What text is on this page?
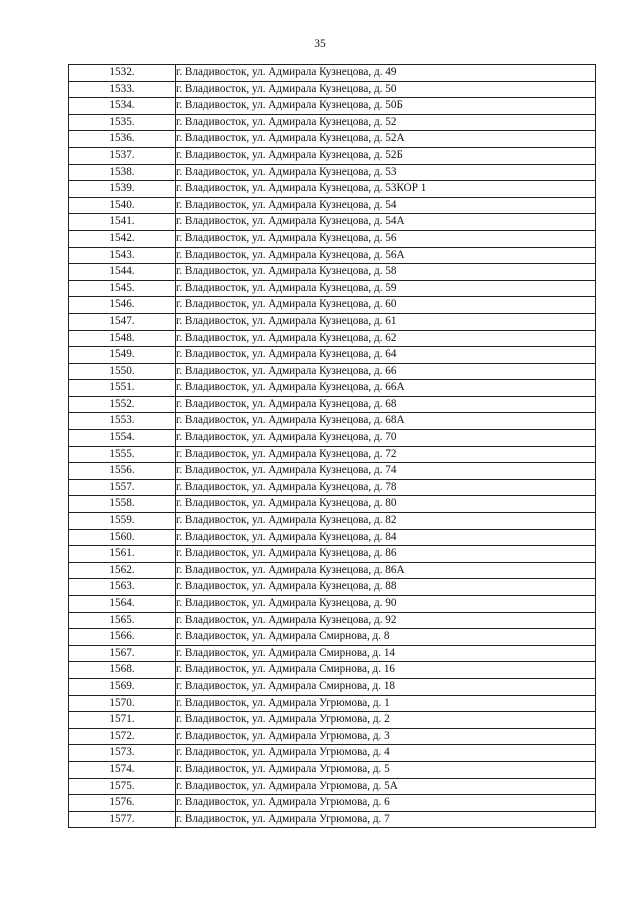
35
1532.	г. Владивосток, ул. Адмирала Кузнецова, д. 49
1533.	г. Владивосток, ул. Адмирала Кузнецова, д. 50
1534.	г. Владивосток, ул. Адмирала Кузнецова, д. 50Б
1535.	г. Владивосток, ул. Адмирала Кузнецова, д. 52
1536.	г. Владивосток, ул. Адмирала Кузнецова, д. 52А
1537.	г. Владивосток, ул. Адмирала Кузнецова, д. 52Б
1538.	г. Владивосток, ул. Адмирала Кузнецова, д. 53
1539.	г. Владивосток, ул. Адмирала Кузнецова, д. 53КОР 1
1540.	г. Владивосток, ул. Адмирала Кузнецова, д. 54
1541.	г. Владивосток, ул. Адмирала Кузнецова, д. 54А
1542.	г. Владивосток, ул. Адмирала Кузнецова, д. 56
1543.	г. Владивосток, ул. Адмирала Кузнецова, д. 56А
1544.	г. Владивосток, ул. Адмирала Кузнецова, д. 58
1545.	г. Владивосток, ул. Адмирала Кузнецова, д. 59
1546.	г. Владивосток, ул. Адмирала Кузнецова, д. 60
1547.	г. Владивосток, ул. Адмирала Кузнецова, д. 61
1548.	г. Владивосток, ул. Адмирала Кузнецова, д. 62
1549.	г. Владивосток, ул. Адмирала Кузнецова, д. 64
1550.	г. Владивосток, ул. Адмирала Кузнецова, д. 66
1551.	г. Владивосток, ул. Адмирала Кузнецова, д. 66А
1552.	г. Владивосток, ул. Адмирала Кузнецова, д. 68
1553.	г. Владивосток, ул. Адмирала Кузнецова, д. 68А
1554.	г. Владивосток, ул. Адмирала Кузнецова, д. 70
1555.	г. Владивосток, ул. Адмирала Кузнецова, д. 72
1556.	г. Владивосток, ул. Адмирала Кузнецова, д. 74
1557.	г. Владивосток, ул. Адмирала Кузнецова, д. 78
1558.	г. Владивосток, ул. Адмирала Кузнецова, д. 80
1559.	г. Владивосток, ул. Адмирала Кузнецова, д. 82
1560.	г. Владивосток, ул. Адмирала Кузнецова, д. 84
1561.	г. Владивосток, ул. Адмирала Кузнецова, д. 86
1562.	г. Владивосток, ул. Адмирала Кузнецова, д. 86А
1563.	г. Владивосток, ул. Адмирала Кузнецова, д. 88
1564.	г. Владивосток, ул. Адмирала Кузнецова, д. 90
1565.	г. Владивосток, ул. Адмирала Кузнецова, д. 92
1566.	г. Владивосток, ул. Адмирала Смирнова, д. 8
1567.	г. Владивосток, ул. Адмирала Смирнова, д. 14
1568.	г. Владивосток, ул. Адмирала Смирнова, д. 16
1569.	г. Владивосток, ул. Адмирала Смирнова, д. 18
1570.	г. Владивосток, ул. Адмирала Угрюмова, д. 1
1571.	г. Владивосток, ул. Адмирала Угрюмова, д. 2
1572.	г. Владивосток, ул. Адмирала Угрюмова, д. 3
1573.	г. Владивосток, ул. Адмирала Угрюмова, д. 4
1574.	г. Владивосток, ул. Адмирала Угрюмова, д. 5
1575.	г. Владивосток, ул. Адмирала Угрюмова, д. 5А
1576.	г. Владивосток, ул. Адмирала Угрюмова, д. 6
1577.	г. Владивосток, ул. Адмирала Угрюмова, д. 7
